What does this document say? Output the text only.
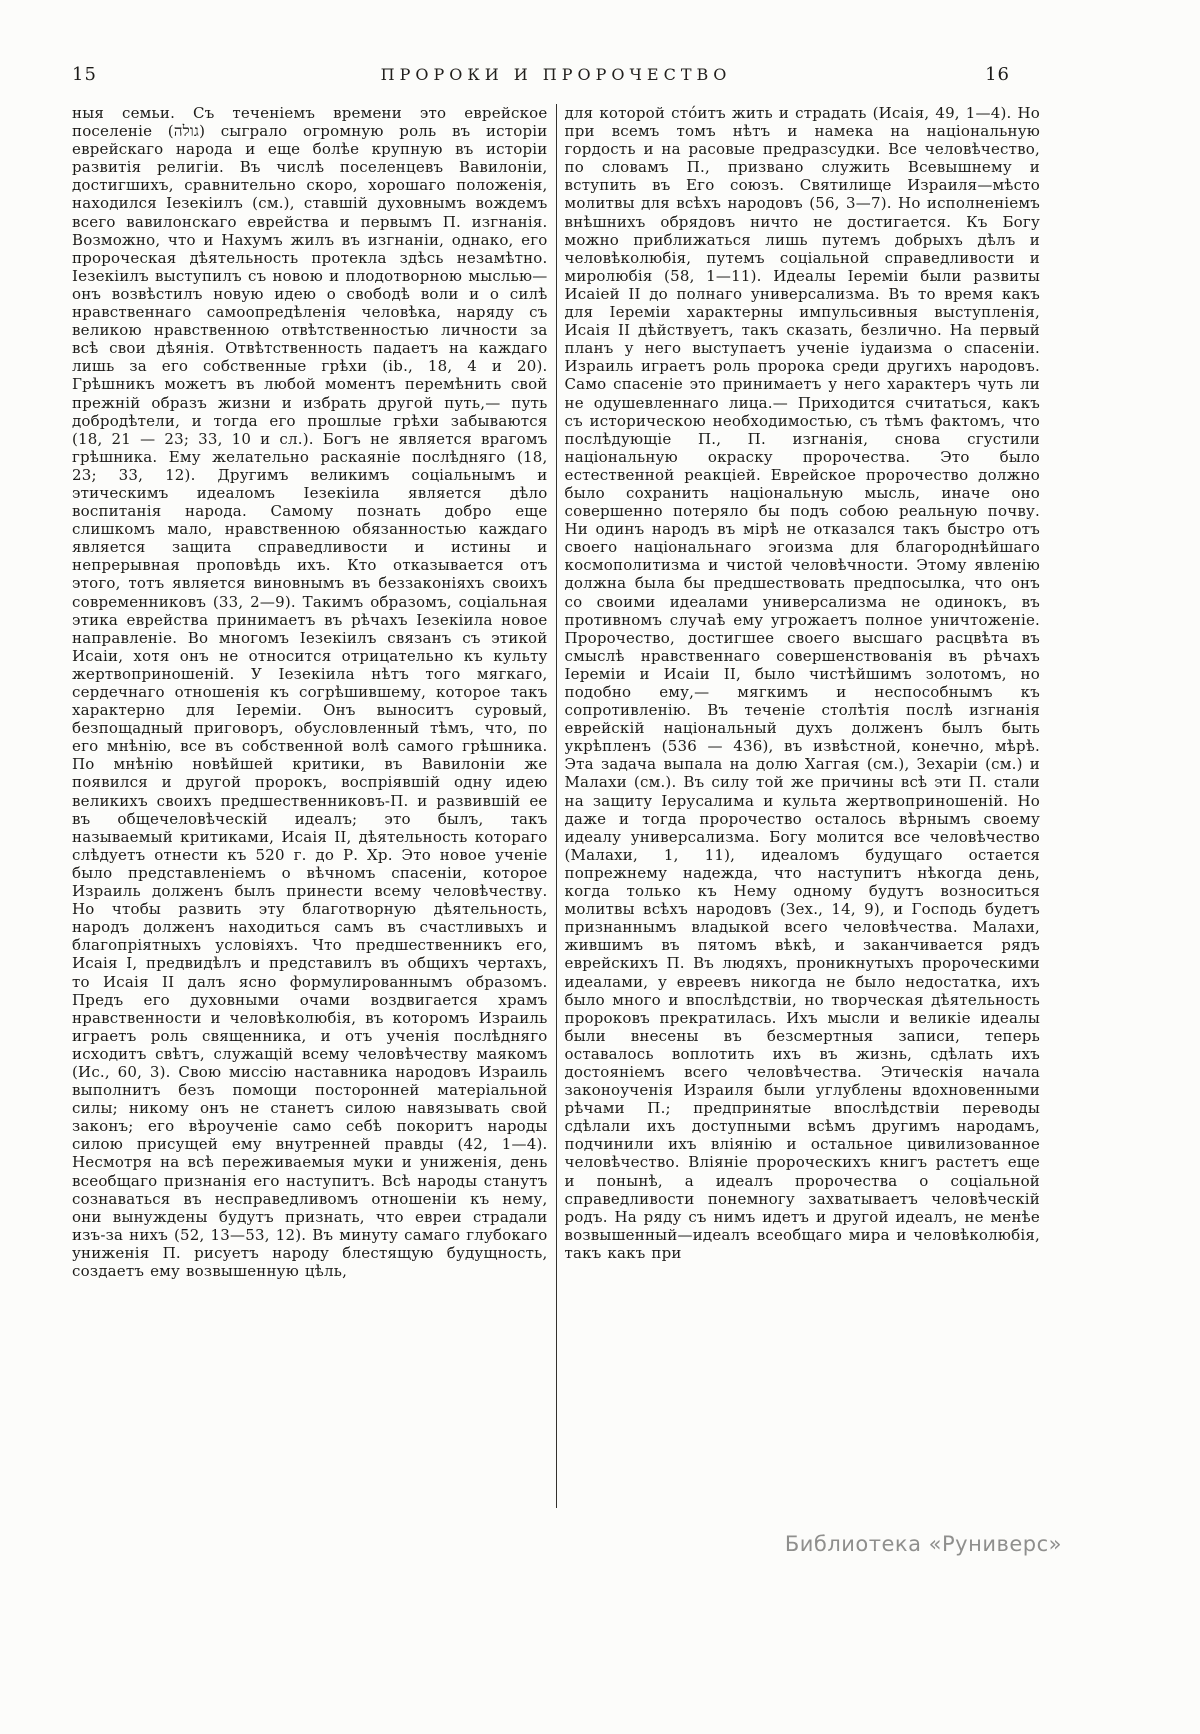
15	ПРОРОКИ И ПРОРОЧЕСТВО	16
ныя семьи. Съ теченіемъ времени это еврейское поселеніе (גולה) сыграло огромную роль въ исторіи еврейскаго народа и еще болѣе крупную въ исторіи развитія религіи. Въ числѣ поселенцевъ Вавилоніи, достигшихъ, сравнительно скоро, хорошаго положенія, находился Іезекіилъ (см.), ставшій духовнымъ вождемъ всего вавилонскаго еврейства и первымъ П. изгнанія. Возможно, что и Нахумъ жилъ въ изгнаніи, однако, его пророческая дѣятельность протекла здѣсь незамѣтно. Іезекіилъ выступилъ съ новою и плодотворною мыслью— онъ возвѣстилъ новую идею о свободѣ воли и о силѣ нравственнаго самоопредѣленія человѣка, наряду съ великою нравственною отвѣтственностью личности за всѣ свои дѣянія. Отвѣтственность падаетъ на каждаго лишь за его собственные грѣхи (ib., 18, 4 и 20). Грѣшникъ можетъ въ любой моментъ перемѣнить свой прежній образъ жизни и избрать другой путь,— путь добродѣтели, и тогда его прошлые грѣхи забываются (18, 21 — 23; 33, 10 и сл.). Богъ не является врагомъ грѣшника. Ему желательно раскаяніе послѣдняго (18, 23; 33, 12). Другимъ великимъ соціальнымъ и этическимъ идеаломъ Іезекіила является дѣло воспитанія народа. Самому познать добро еще слишкомъ мало, нравственною обязанностью каждаго является защита справедливости и истины и непрерывная проповѣдь ихъ. Кто отказывается отъ этого, тотъ является виновнымъ въ беззаконіяхъ своихъ современниковъ (33, 2—9). Такимъ образомъ, соціальная этика еврейства принимаетъ въ рѣчахъ Іезекіила новое направленіе. Во многомъ Іезекіилъ связанъ съ этикой Исаіи, хотя онъ не относится отрицательно къ культу жертвоприношеній. У Іезекіила нѣтъ того мягкаго, сердечнаго отношенія къ согрѣшившему, которое такъ характерно для Іереміи. Онъ выноситъ суровый, безпощадный приговоръ, обусловленный тѣмъ, что, по его мнѣнію, все въ собственной волѣ самого грѣшника. По мнѣнію новѣйшей критики, въ Вавилоніи же появился и другой пророкъ, воспріявшій одну идею великихъ своихъ предшественниковъ-П. и развившій ее въ общечеловѣческій идеалъ; это былъ, такъ называемый критиками, Исаія II, дѣятельность котораго слѣдуетъ отнести къ 520 г. до Р. Хр. Это новое ученіе было представленіемъ о вѣчномъ спасеніи, которое Израиль долженъ былъ принести всему человѣчеству. Но чтобы развить эту благотворную дѣятельность, народъ долженъ находиться самъ въ счастливыхъ и благопріятныхъ условіяхъ. Что предшественникъ его, Исаія I, предвидѣлъ и представилъ въ общихъ чертахъ, то Исаія II далъ ясно формулированнымъ образомъ. Предъ его духовными очами воздвигается храмъ нравственности и человѣколюбія, въ которомъ Израиль играетъ роль священника, и отъ ученія послѣдняго исходитъ свѣтъ, служащій всему человѣчеству маякомъ (Ис., 60, 3). Свою миссію наставника народовъ Израиль выполнитъ безъ помощи посторонней матеріальной силы; никому онъ не станетъ силою навязывать свой законъ; его вѣроученіе само себѣ покоритъ народы силою присущей ему внутренней правды (42, 1—4). Несмотря на всѣ переживаемыя муки и униженія, день всеобщаго признанія его наступитъ. Всѣ народы станутъ сознаваться въ несправедливомъ отношеніи къ нему, они вынуждены будутъ признать, что евреи страдали изъ-за нихъ (52, 13—53, 12). Въ минуту самаго глубокаго униженія П. рисуетъ народу блестящую будущность, создаетъ ему возвышенную цѣль,
для которой стóитъ жить и страдать (Исаія, 49, 1—4). Но при всемъ томъ нѣтъ и намека на національную гордость и на расовые предразсудки. Все человѣчество, по словамъ П., призвано служить Всевышнему и вступить въ Его союзъ. Святилище Израиля—мѣсто молитвы для всѣхъ народовъ (56, 3—7). Но исполненіемъ внѣшнихъ обрядовъ ничто не достигается. Къ Богу можно приближаться лишь путемъ добрыхъ дѣлъ и человѣколюбія, путемъ соціальной справедливости и миролюбія (58, 1—11). Идеалы Іереміи были развиты Исаіей II до полнаго универсализма. Въ то время какъ для Іереміи характерны импульсивныя выступленія, Исаія II дѣйствуетъ, такъ сказать, безлично. На первый планъ у него выступаетъ ученіе іудаизма о спасеніи. Израиль играетъ роль пророка среди другихъ народовъ. Само спасеніе это принимаетъ у него характеръ чуть ли не одушевленнаго лица.— Приходится считаться, какъ съ историческою необходимостью, съ тѣмъ фактомъ, что послѣдующіе П., П. изгнанія, снова сгустили національную окраску пророчества. Это было естественной реакціей. Еврейское пророчество должно было сохранить національную мысль, иначе оно совершенно потеряло бы подъ собою реальную почву. Ни одинъ народъ въ мірѣ не отказался такъ быстро отъ своего національнаго эгоизма для благороднѣйшаго космополитизма и чистой человѣчности. Этому явленію должна была бы предшествовать предпосылка, что онъ со своими идеалами универсализма не одинокъ, въ противномъ случаѣ ему угрожаетъ полное уничтоженіе. Пророчество, достигшее своего высшаго расцвѣта въ смыслѣ нравственнаго совершенствованія въ рѣчахъ Іереміи и Исаіи II, было чистѣйшимъ золотомъ, но подобно ему,— мягкимъ и неспособнымъ къ сопротивленію. Въ теченіе столѣтія послѣ изгнанія еврейскій національный духъ долженъ былъ быть укрѣпленъ (536 — 436), въ извѣстной, конечно, мѣрѣ. Эта задача выпала на долю Хаггая (см.), Зехаріи (см.) и Малахи (см.). Въ силу той же причины всѣ эти П. стали на защиту Іерусалима и культа жертвоприношеній. Но даже и тогда пророчество осталось вѣрнымъ своему идеалу универсализма. Богу молится все человѣчество (Малахи, 1, 11), идеаломъ будущаго остается попрежнему надежда, что наступитъ нѣкогда день, когда только къ Нему одному будутъ возноситься молитвы всѣхъ народовъ (Зех., 14, 9), и Господь будетъ признаннымъ владыкой всего человѣчества. Малахи, жившимъ въ пятомъ вѣкѣ, и заканчивается рядъ еврейскихъ П. Въ людяхъ, проникнутыхъ пророческими идеалами, у евреевъ никогда не было недостатка, ихъ было много и впослѣдствіи, но творческая дѣятельность пророковъ прекратилась. Ихъ мысли и великіе идеалы были внесены въ безсмертныя записи, теперь оставалось воплотить ихъ въ жизнь, сдѣлать ихъ достояніемъ всего человѣчества. Этическія начала законоученія Израиля были углублены вдохновенными рѣчами П.; предпринятые впослѣдствіи переводы сдѣлали ихъ доступными всѣмъ другимъ народамъ, подчинили ихъ вліянію и остальное цивилизованное человѣчество. Вліяніе пророческихъ книгъ растетъ еще и понынѣ, а идеалъ пророчества о соціальной справедливости понемногу захватываетъ человѣческій родъ. На ряду съ нимъ идетъ и другой идеалъ, не менѣе возвышенный—идеалъ всеобщаго мира и человѣколюбія, такъ какъ при
Библиотека «Руниверс»
